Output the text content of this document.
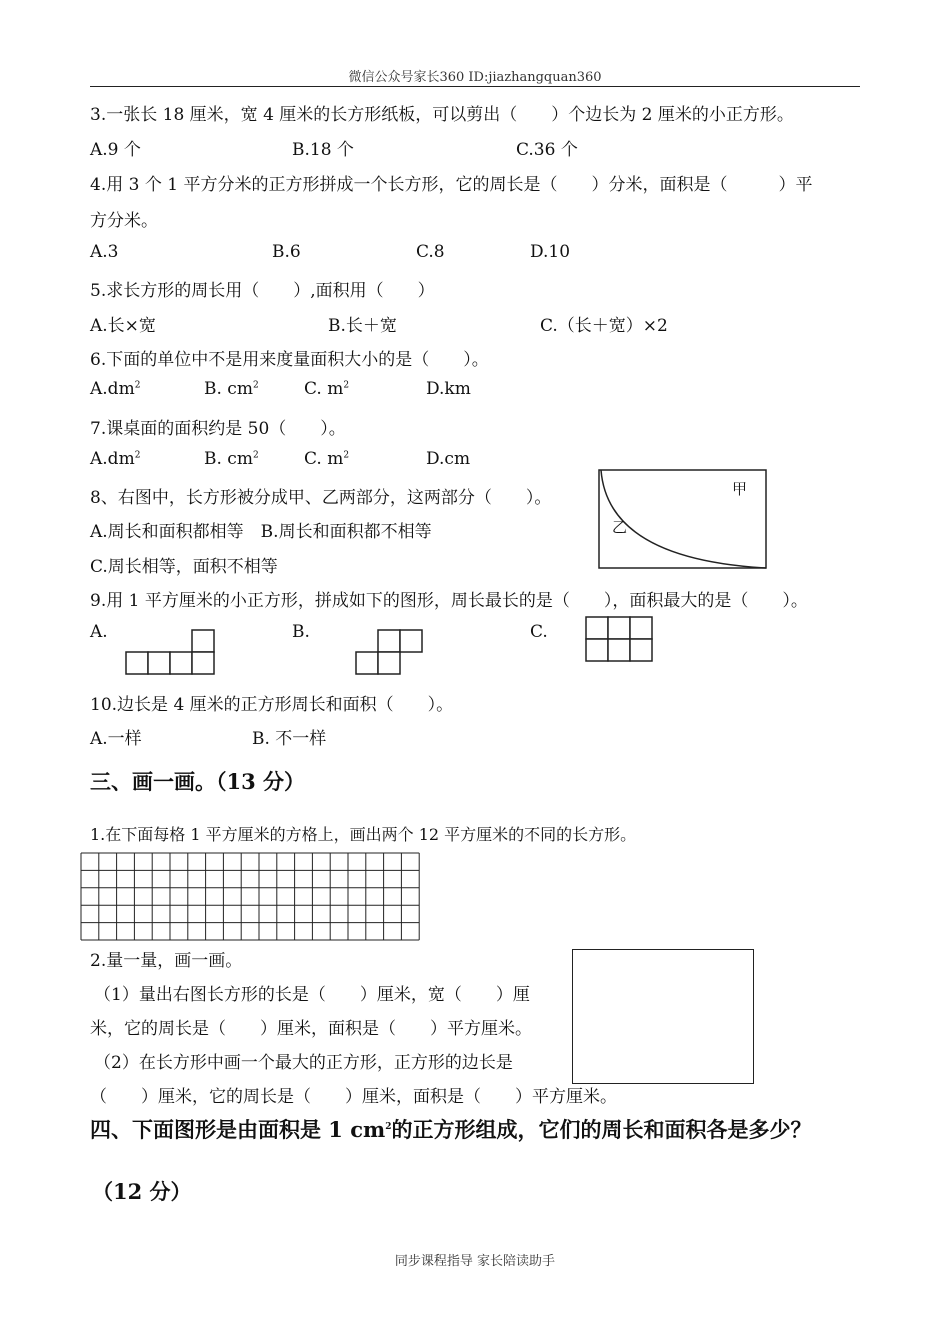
微信公众号家长360 ID:jiazhangquan360
3.一张长 18 厘米，宽 4 厘米的长方形纸板，可以剪出（　　）个边长为 2 厘米的小正方形。
A.9 个	B.18 个	C.36 个
4.用 3 个 1 平方分米的正方形拼成一个长方形，它的周长是（　　）分米，面积是（　　　）平
方分米。
A.3	B.6	C.8	D.10
5.求长方形的周长用（　　）,面积用（　　）
A.长×宽	B.长＋宽	C.（长＋宽）×2
6.下面的单位中不是用来度量面积大小的是（　　）。
$A.dm^2$	B. $cm^2$	C. $m^2$	D.km
7.课桌面的面积约是 50（　　）。
$A.dm^2$	B. $cm^2$	C. $m^2$	D.cm
8、右图中，长方形被分成甲、乙两部分，这两部分（　　）。
A.周长和面积都相等　B.周长和面积都不相等
C.周长相等，面积不相等
甲
乙
9.用 1 平方厘米的小正方形，拼成如下的图形，周长最长的是（　　），面积最大的是（　　）。
A.	B.	C.
10.边长是 4 厘米的正方形周长和面积（　　）。
A.一样	B. 不一样
三、画一画。（13 分）
1.在下面每格 1 平方厘米的方格上，画出两个 12 平方厘米的不同的长方形。
2.量一量，画一画。
（1）量出右图长方形的长是（　　）厘米，宽（　　）厘
米，它的周长是（　　）厘米，面积是（　　）平方厘米。
（2）在长方形中画一个最大的正方形，正方形的边长是
（　　）厘米，它的周长是（　　）厘米，面积是（　　）平方厘米。
四、下面图形是由面积是 1 $cm^2$的正方形组成，它们的周长和面积各是多少？
（12 分）
同步课程指导 家长陪读助手
